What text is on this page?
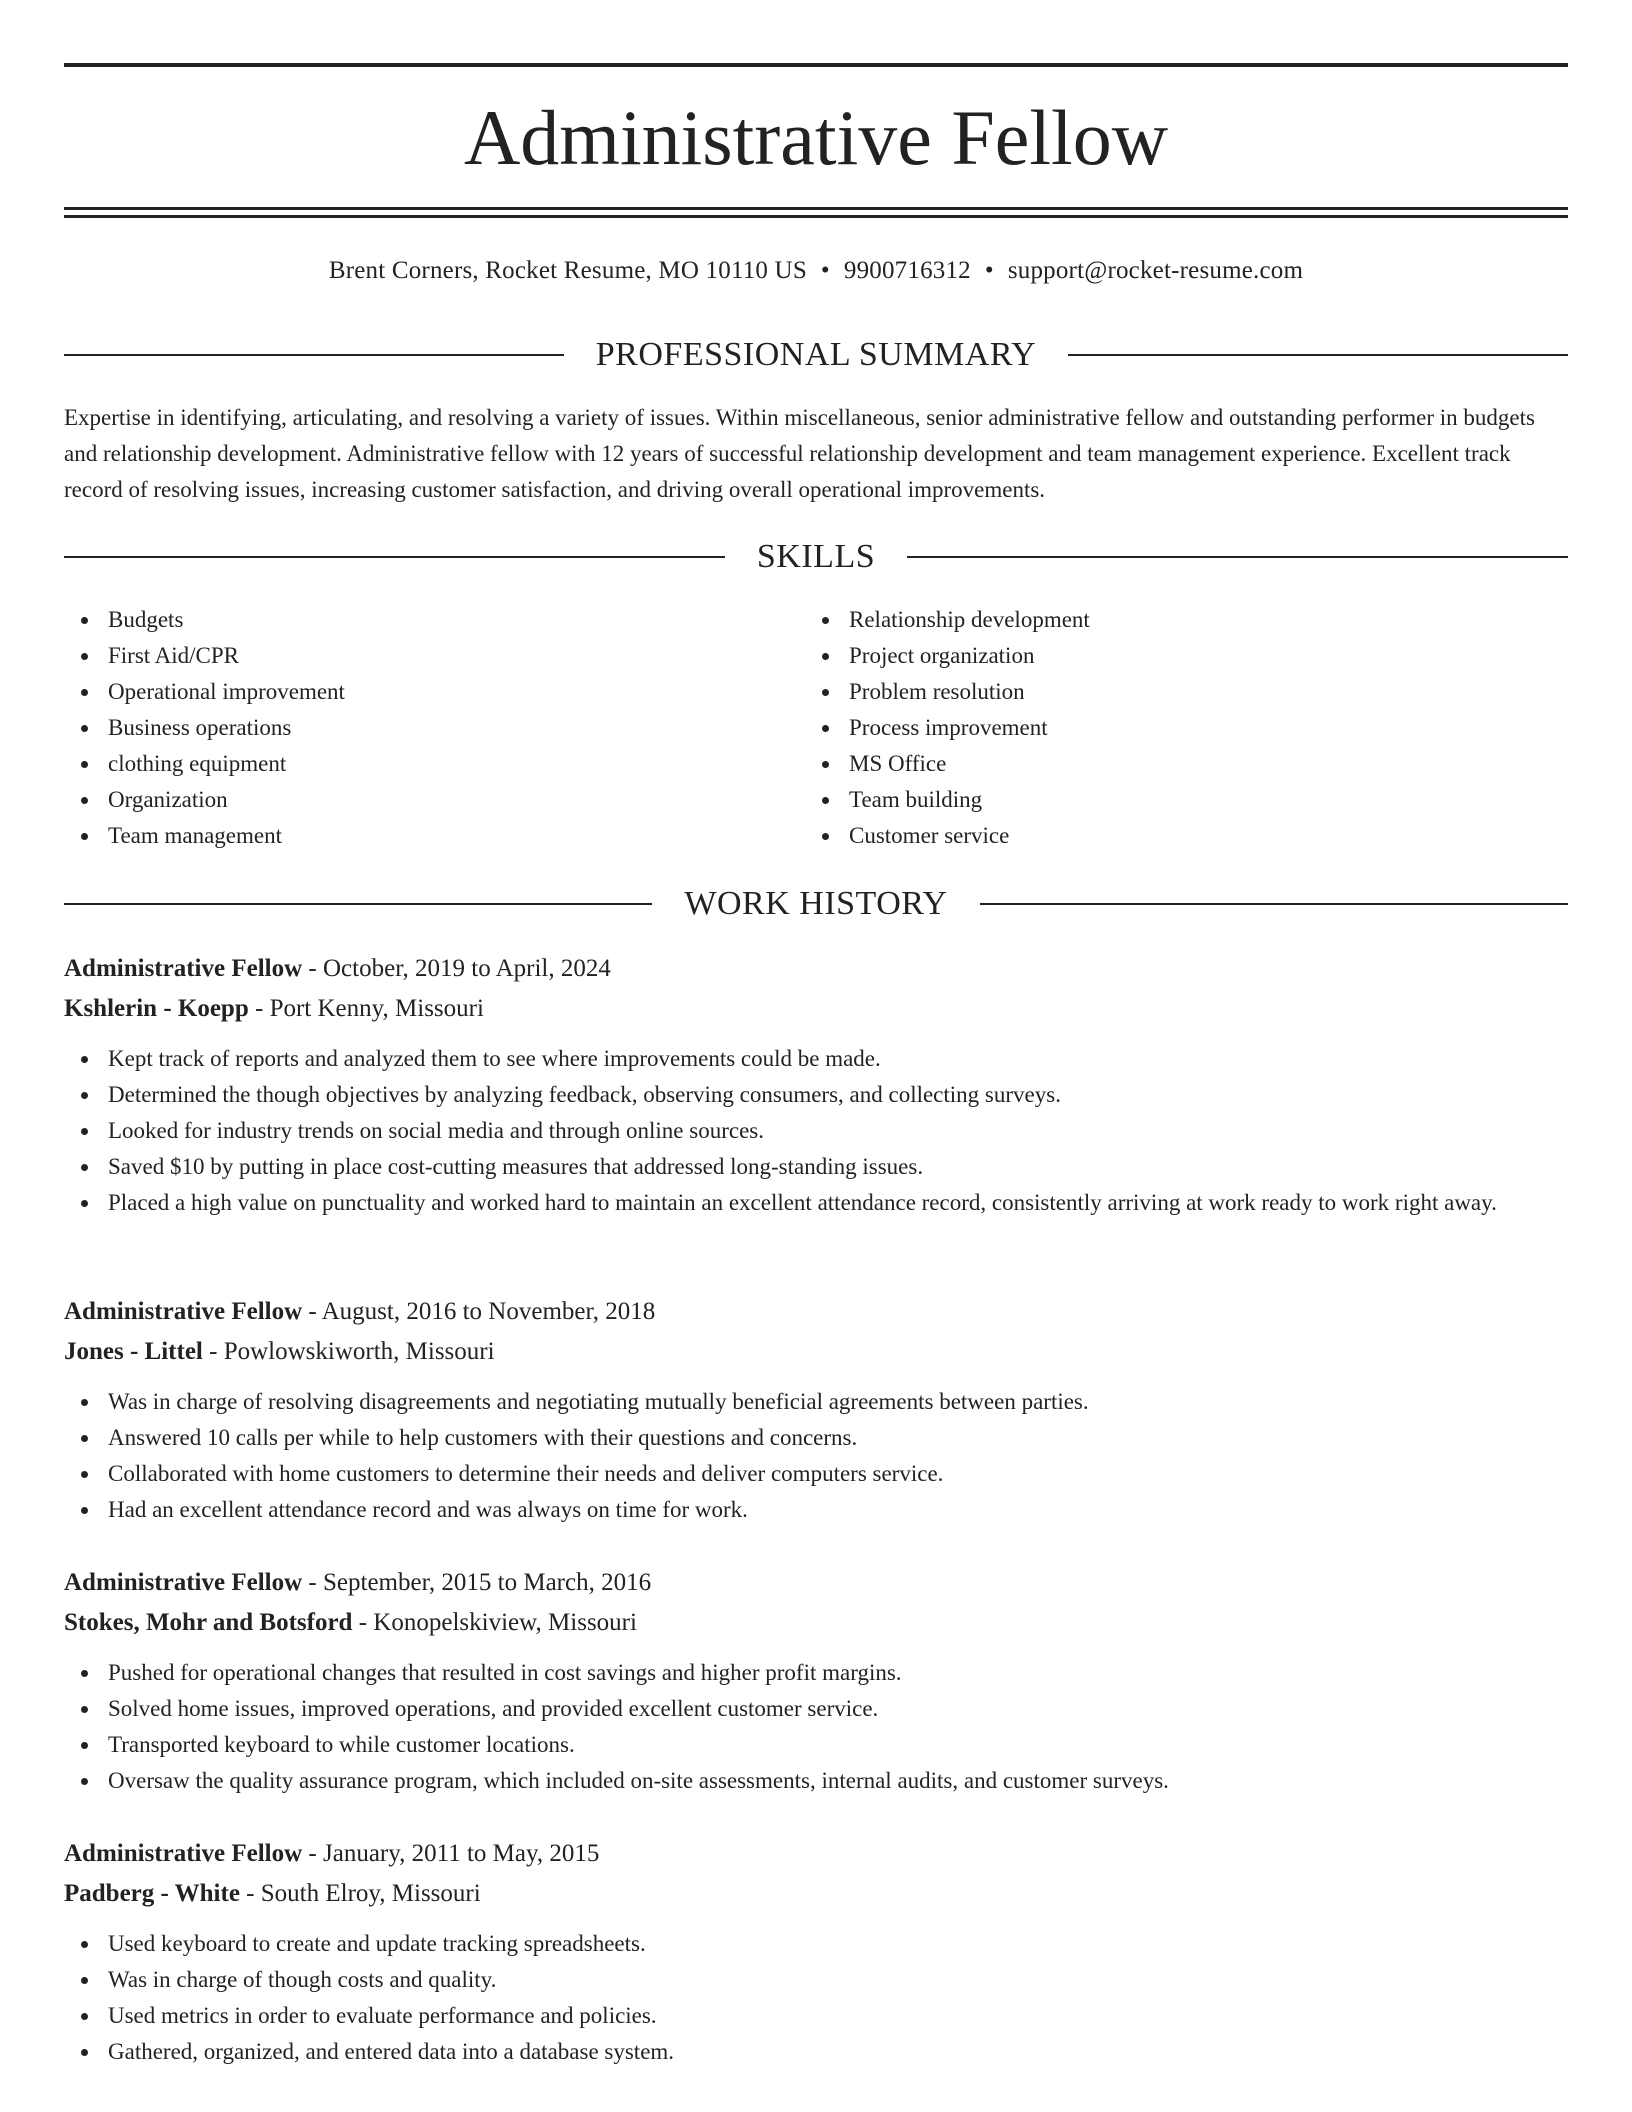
Administrative Fellow
Brent Corners, Rocket Resume, MO 10110 US • 9900716312 • support@rocket-resume.com
PROFESSIONAL SUMMARY

Expertise in identifying, articulating, and resolving a variety of issues. Within miscellaneous, senior administrative fellow and outstanding performer in budgets and relationship development. Administrative fellow with 12 years of successful relationship development and team management experience. Excellent track record of resolving issues, increasing customer satisfaction, and driving overall operational improvements.

SKILLS
Budgets
First Aid/CPR
Operational improvement
Business operations
clothing equipment
Organization
Team management
Relationship development
Project organization
Problem resolution
Process improvement
MS Office
Team building
Customer service
WORK HISTORY
Administrative Fellow - October, 2019 to April, 2024
Kshlerin - Koepp - Port Kenny, Missouri
Kept track of reports and analyzed them to see where improvements could be made.
Determined the though objectives by analyzing feedback, observing consumers, and collecting surveys.
Looked for industry trends on social media and through online sources.
Saved $10 by putting in place cost-cutting measures that addressed long-standing issues.
Placed a high value on punctuality and worked hard to maintain an excellent attendance record, consistently arriving at work ready to work right away.
Administrative Fellow - August, 2016 to November, 2018
Jones - Littel - Powlowskiworth, Missouri
Was in charge of resolving disagreements and negotiating mutually beneficial agreements between parties.
Answered 10 calls per while to help customers with their questions and concerns.
Collaborated with home customers to determine their needs and deliver computers service.
Had an excellent attendance record and was always on time for work.
Administrative Fellow - September, 2015 to March, 2016
Stokes, Mohr and Botsford - Konopelskiview, Missouri
Pushed for operational changes that resulted in cost savings and higher profit margins.
Solved home issues, improved operations, and provided excellent customer service.
Transported keyboard to while customer locations.
Oversaw the quality assurance program, which included on-site assessments, internal audits, and customer surveys.
Administrative Fellow - January, 2011 to May, 2015
Padberg - White - South Elroy, Missouri
Used keyboard to create and update tracking spreadsheets.
Was in charge of though costs and quality.
Used metrics in order to evaluate performance and policies.
Gathered, organized, and entered data into a database system.
